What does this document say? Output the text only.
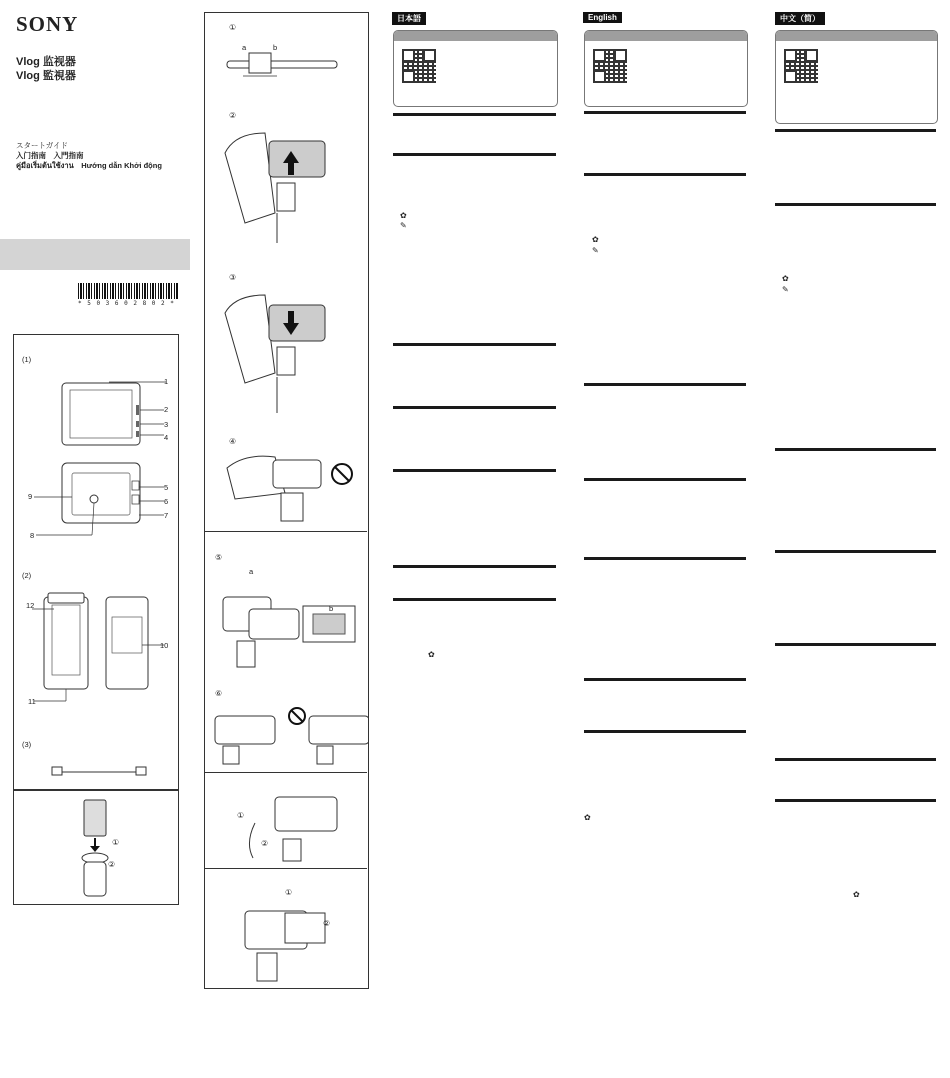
SONY
Vlog 监视器
Vlog 監視器
スタートガイド
入门指南　入門指南
คู่มือเริ่มต้นใช้งาน　Hướng dẫn Khởi động
* 5 0 3 6 0 2 8 0 2 *
(1)
1
2
3
4
5
6
7
8
9
10
11
12
(2)
(3)
①
②
①
a	b
②
③
④
⑤
a
b
⑥
①
②
①
②
日本語
✿
✎
✿
English
✿
✎
✿
中文（简）
✿
✎
✿
